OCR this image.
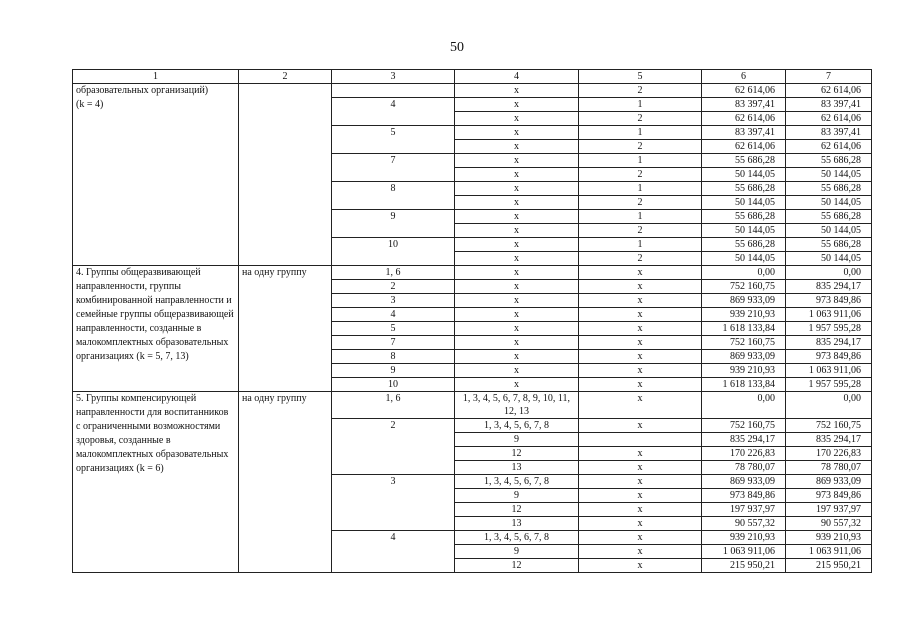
50
1	2	3	4	5	6	7
образовательных организаций)
(k = 4)			x	2	62 614,06	62 614,06
		4	x	1	83 397,41	83 397,41
			x	2	62 614,06	62 614,06
		5	x	1	83 397,41	83 397,41
			x	2	62 614,06	62 614,06
		7	x	1	55 686,28	55 686,28
			x	2	50 144,05	50 144,05
		8	x	1	55 686,28	55 686,28
			x	2	50 144,05	50 144,05
		9	x	1	55 686,28	55 686,28
			x	2	50 144,05	50 144,05
		10	x	1	55 686,28	55 686,28
			x	2	50 144,05	50 144,05
4. Группы общеразвивающей направленности, группы комбинированной направленности и семейные группы общеразвивающей направленности, созданные в малокомплектных образовательных организациях (k = 5, 7, 13)	на одну группу	1, 6	x	x	0,00	0,00
		2	x	x	752 160,75	835 294,17
		3	x	x	869 933,09	973 849,86
		4	x	x	939 210,93	1 063 911,06
		5	x	x	1 618 133,84	1 957 595,28
		7	x	x	752 160,75	835 294,17
		8	x	x	869 933,09	973 849,86
		9	x	x	939 210,93	1 063 911,06
		10	x	x	1 618 133,84	1 957 595,28
5. Группы компенсирующей направленности для воспитанников с ограниченными возможностями здоровья, созданные в малокомплектных образовательных организациях (k = 6)	на одну группу	1, 6	1, 3, 4, 5, 6, 7, 8, 9, 10, 11, 12, 13	x	0,00	0,00
		2	1, 3, 4, 5, 6, 7, 8	x	752 160,75	752 160,75
			9		835 294,17	835 294,17
			12	x	170 226,83	170 226,83
			13	x	78 780,07	78 780,07
		3	1, 3, 4, 5, 6, 7, 8	x	869 933,09	869 933,09
			9	x	973 849,86	973 849,86
			12	x	197 937,97	197 937,97
			13	x	90 557,32	90 557,32
		4	1, 3, 4, 5, 6, 7, 8	x	939 210,93	939 210,93
			9	x	1 063 911,06	1 063 911,06
			12	x	215 950,21	215 950,21
